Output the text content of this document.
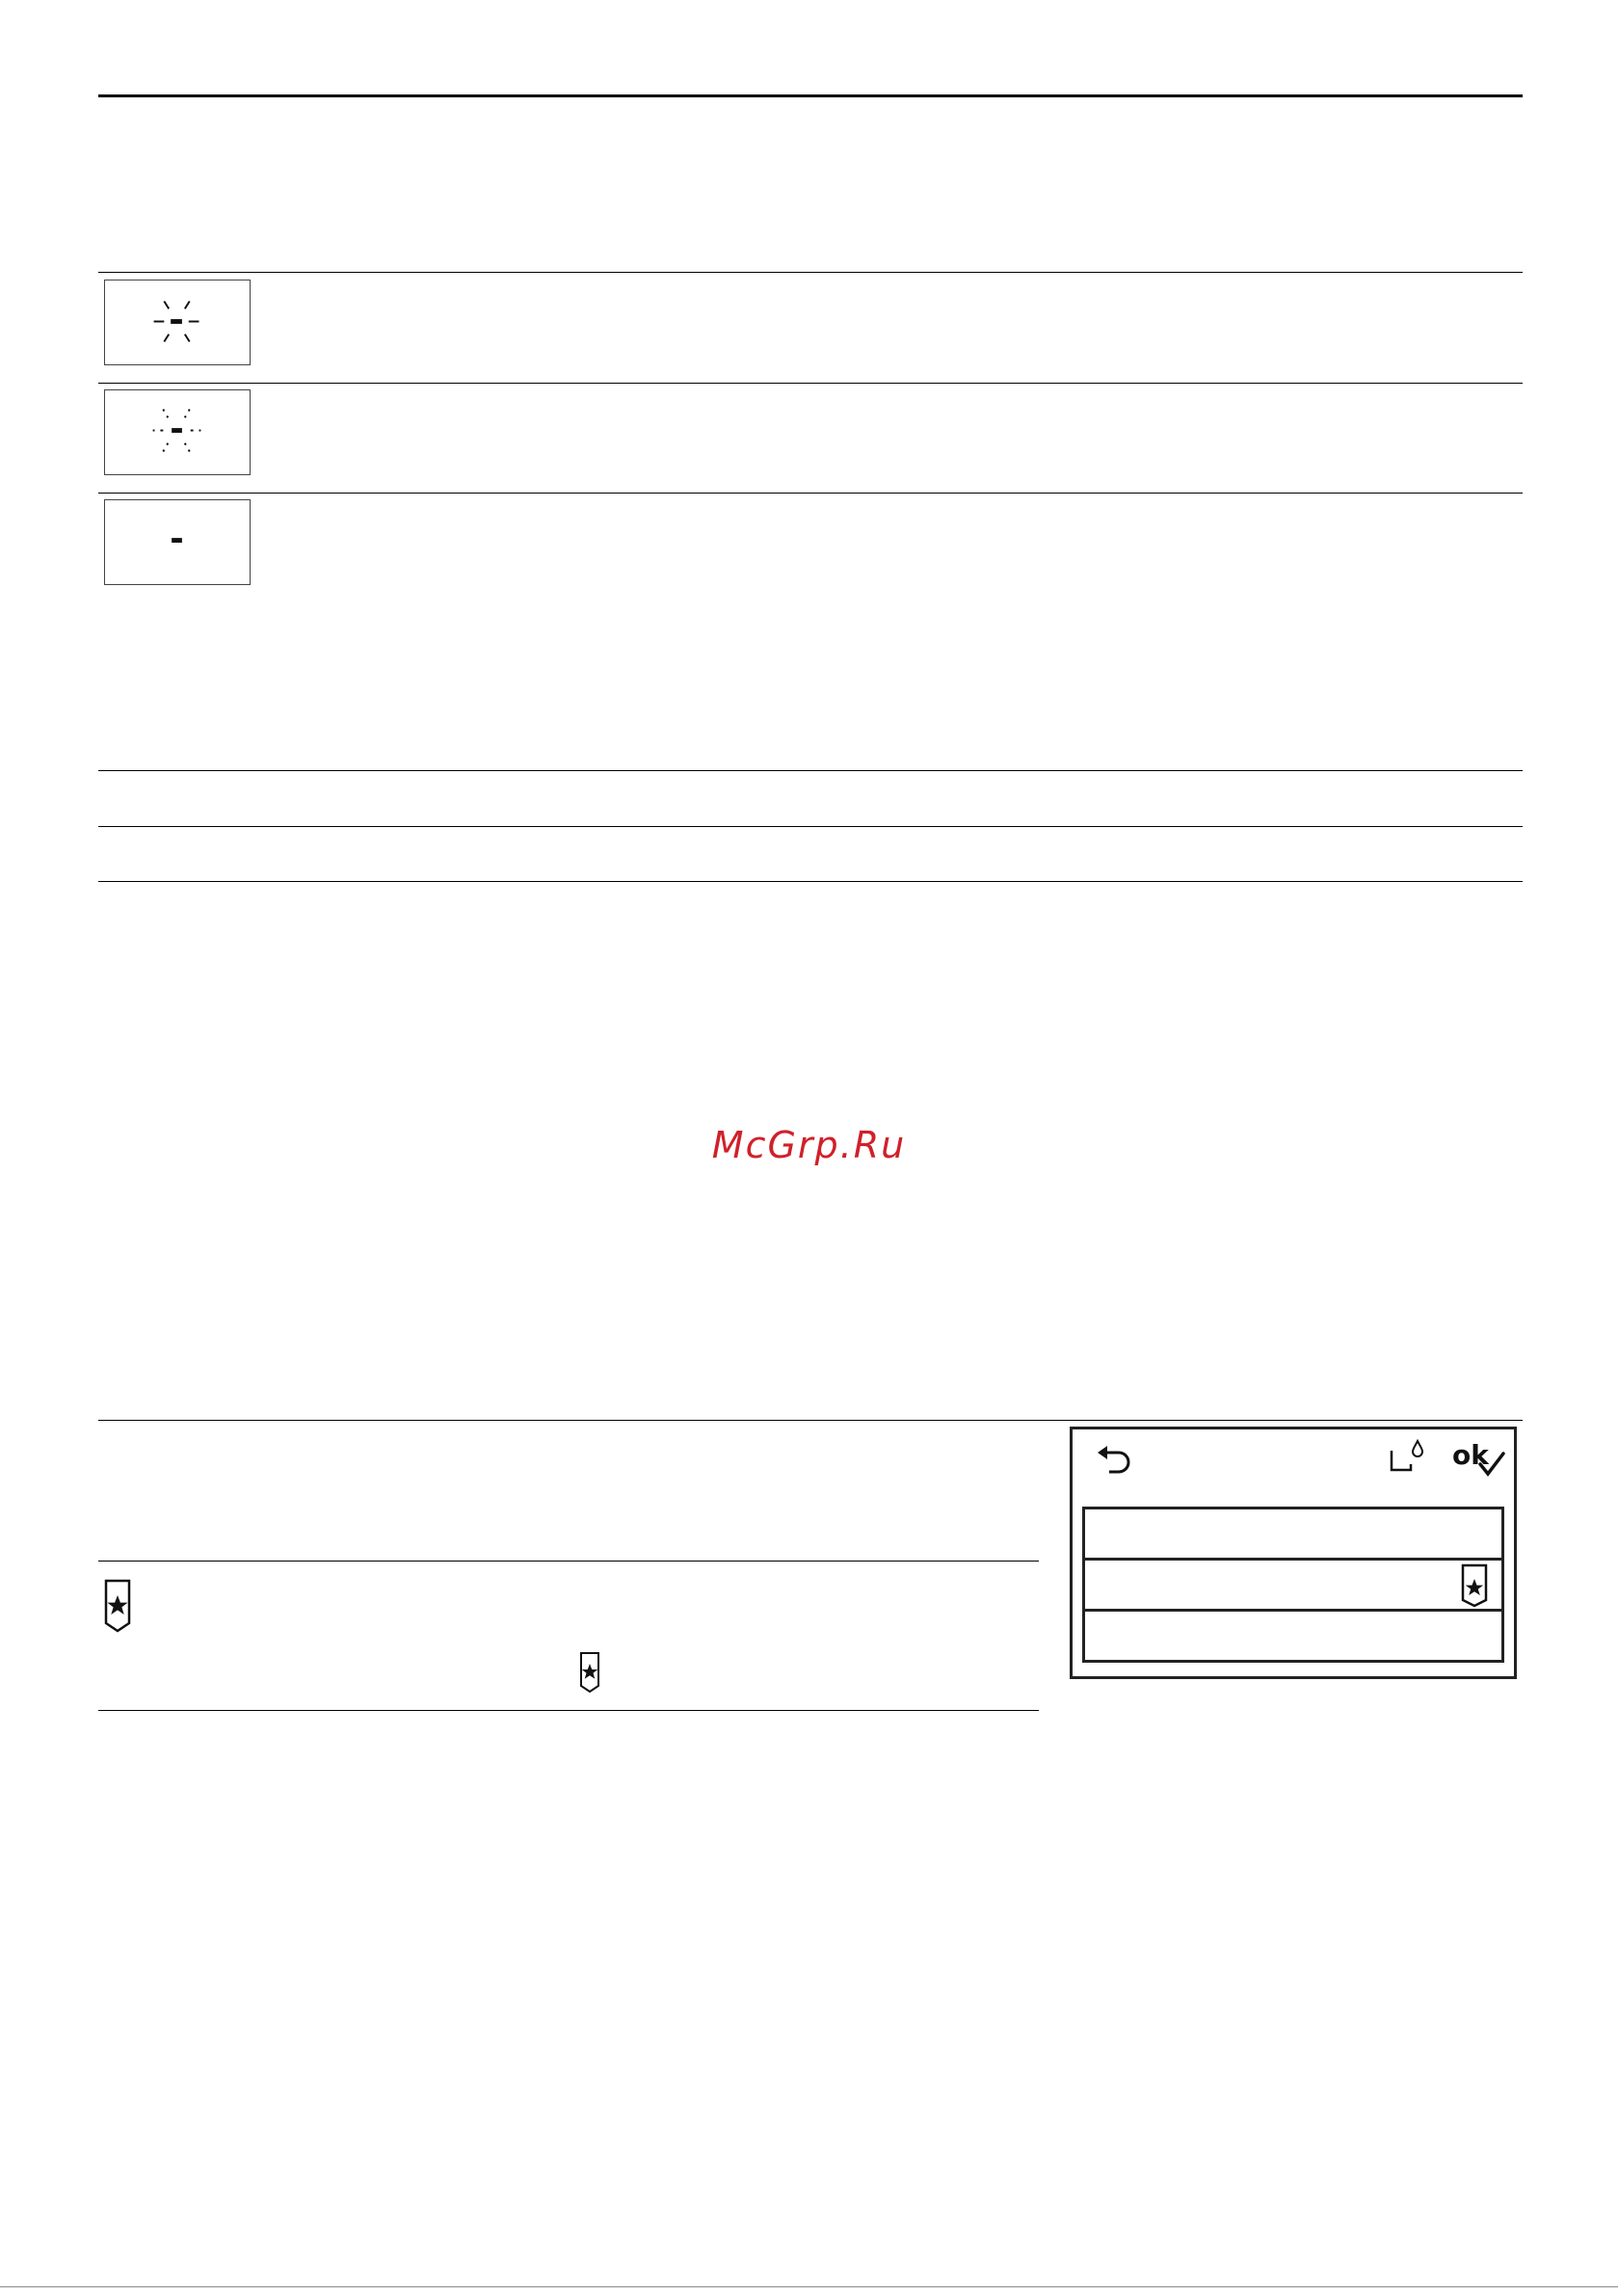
McGrp.Ru
ok
